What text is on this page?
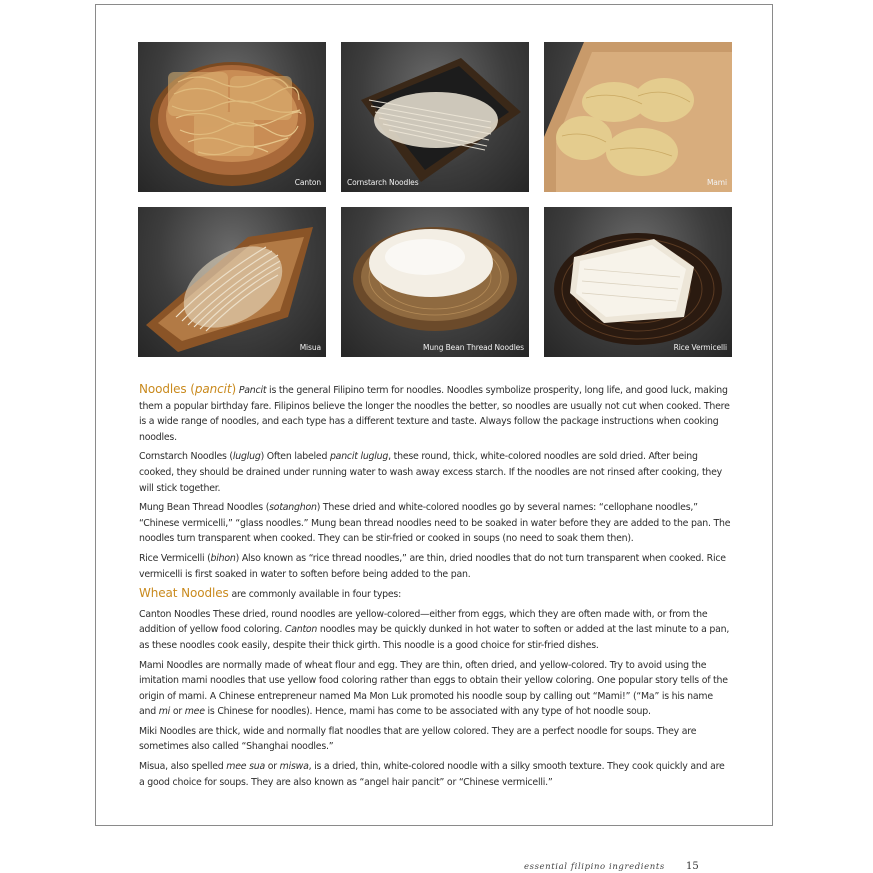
Canton	Cornstarch Noodles	Mami
Misua	Mung Bean Thread Noodles	Rice Vermicelli

Noodles (pancit) Pancit is the general Filipino term for noodles. Noodles symbolize prosperity, long life, and good luck, making them a popular birthday fare. Filipinos believe the longer the noodles the better, so noodles are usually not cut when cooked. There is a wide range of noodles, and each type has a different texture and taste. Always follow the package instructions when cooking noodles.

Cornstarch Noodles (luglug) Often labeled pancit luglug, these round, thick, white-colored noodles are sold dried. After being cooked, they should be drained under running water to wash away excess starch. If the noodles are not rinsed after cooking, they will stick together.

Mung Bean Thread Noodles (sotanghon) These dried and white-colored noodles go by several names: “cellophane noodles,” “Chinese vermicelli,” “glass noodles.” Mung bean thread noodles need to be soaked in water before they are added to the pan. The noodles turn transparent when cooked. They can be stir-fried or cooked in soups (no need to soak them then).

Rice Vermicelli (bihon) Also known as “rice thread noodles,” are thin, dried noodles that do not turn transparent when cooked. Rice vermicelli is first soaked in water to soften before being added to the pan.

Wheat Noodles are commonly available in four types:

Canton Noodles These dried, round noodles are yellow-colored—either from eggs, which they are often made with, or from the addition of yellow food coloring. Canton noodles may be quickly dunked in hot water to soften or added at the last minute to a pan, as these noodles cook easily, despite their thick girth. This noodle is a good choice for stir-fried dishes.

Mami Noodles are normally made of wheat flour and egg. They are thin, often dried, and yellow-colored. Try to avoid using the imitation mami noodles that use yellow food coloring rather than eggs to obtain their yellow coloring. One popular story tells of the origin of mami. A Chinese entrepreneur named Ma Mon Luk promoted his noodle soup by calling out “Mami!” (“Ma” is his name and mi or mee is Chinese for noodles). Hence, mami has come to be associated with any type of hot noodle soup.

Miki Noodles are thick, wide and normally flat noodles that are yellow colored. They are a perfect noodle for soups. They are sometimes also called “Shanghai noodles.”

Misua, also spelled mee sua or miswa, is a dried, thin, white-colored noodle with a silky smooth texture. They cook quickly and are a good choice for soups. They are also known as “angel hair pancit” or “Chinese vermicelli.”

essential filipino ingredients 15
